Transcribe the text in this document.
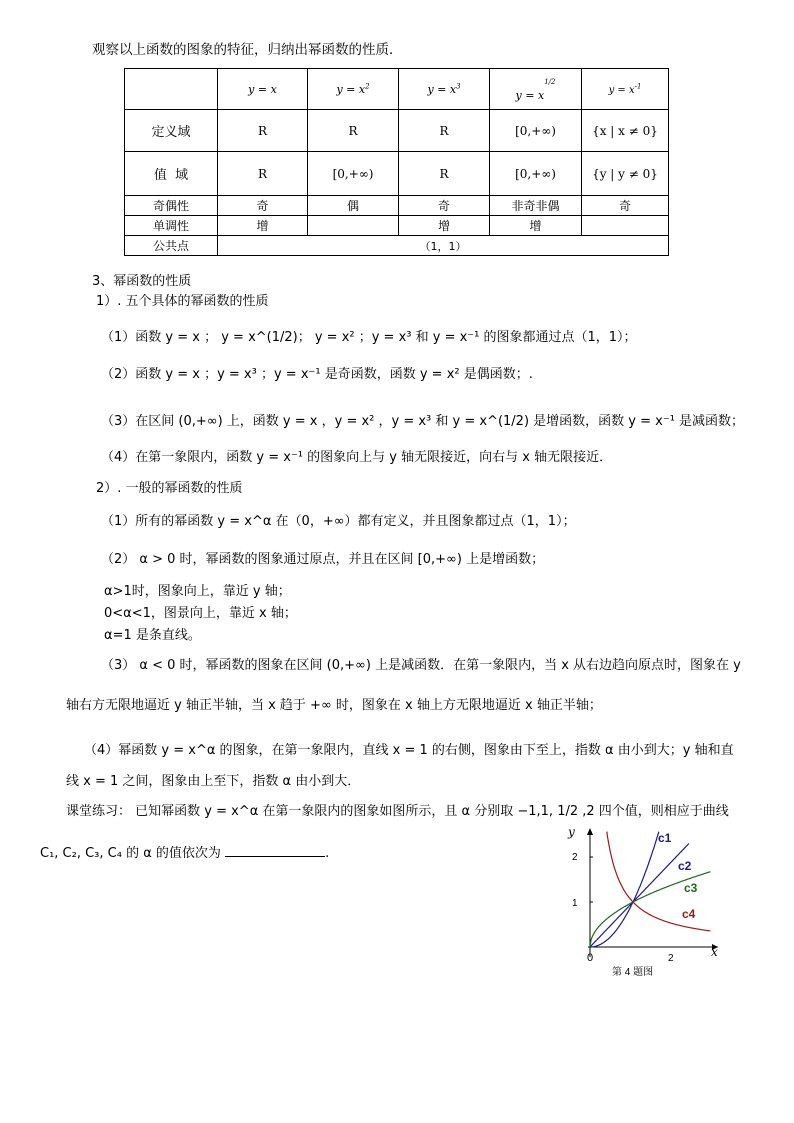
观察以上函数的图象的特征，归纳出幂函数的性质．
	y = x	$y = x^2$	$y = x^3$	$y = x^{1/2}$	$y = x^{-1}$
定义域	R	R	R	[0,+∞)	{x | x ≠ 0}
值  域	R	[0,+∞)	R	[0,+∞)	{y | y ≠ 0}
奇偶性	奇	偶	奇	非奇非偶	奇
单调性	增		增	增	
公共点	（1，1）				
3、幂函数的性质
1）. 五个具体的幂函数的性质
（1）函数 y = x ； y = x^(1/2)； y = x² ；y = x³ 和 y = x⁻¹ 的图象都通过点（1，1）；
（2）函数 y = x ；y = x³ ；y = x⁻¹ 是奇函数，函数 y = x² 是偶函数；.
（3）在区间 (0,+∞) 上，函数 y = x ，y = x² ，y = x³ 和 y = x^(1/2) 是增函数，函数 y = x⁻¹ 是减函数；
（4）在第一象限内，函数 y = x⁻¹ 的图象向上与 y 轴无限接近，向右与 x 轴无限接近．
2）. 一般的幂函数的性质
（1）所有的幂函数 y = x^α 在（0，+∞）都有定义，并且图象都过点（1，1）；
（2） α > 0 时，幂函数的图象通过原点，并且在区间 [0,+∞) 上是增函数；
α>1时，图象向上，靠近 y 轴；
0<α<1，图景向上，靠近 x 轴；
α=1 是条直线。
（3） α < 0 时，幂函数的图象在区间 (0,+∞) 上是减函数．在第一象限内，当 x 从右边趋向原点时，图象在 y
轴右方无限地逼近 y 轴正半轴，当 x 趋于 +∞ 时，图象在 x 轴上方无限地逼近 x 轴正半轴；
（4）幂函数 y = x^α 的图象，在第一象限内，直线 x = 1 的右侧，图象由下至上，指数 α 由小到大；y 轴和直
线 x = 1 之间，图象由上至下，指数 α 由小到大．
课堂练习： 已知幂函数 y = x^α 在第一象限内的图象如图所示，且 α 分别取 −1,1, 1/2 ,2 四个值，则相应于曲线
C₁, C₂, C₃, C₄ 的 α 的值依次为	.
y
x
2
1
0	2
c1
c2
c3
c4
第 4 题图
